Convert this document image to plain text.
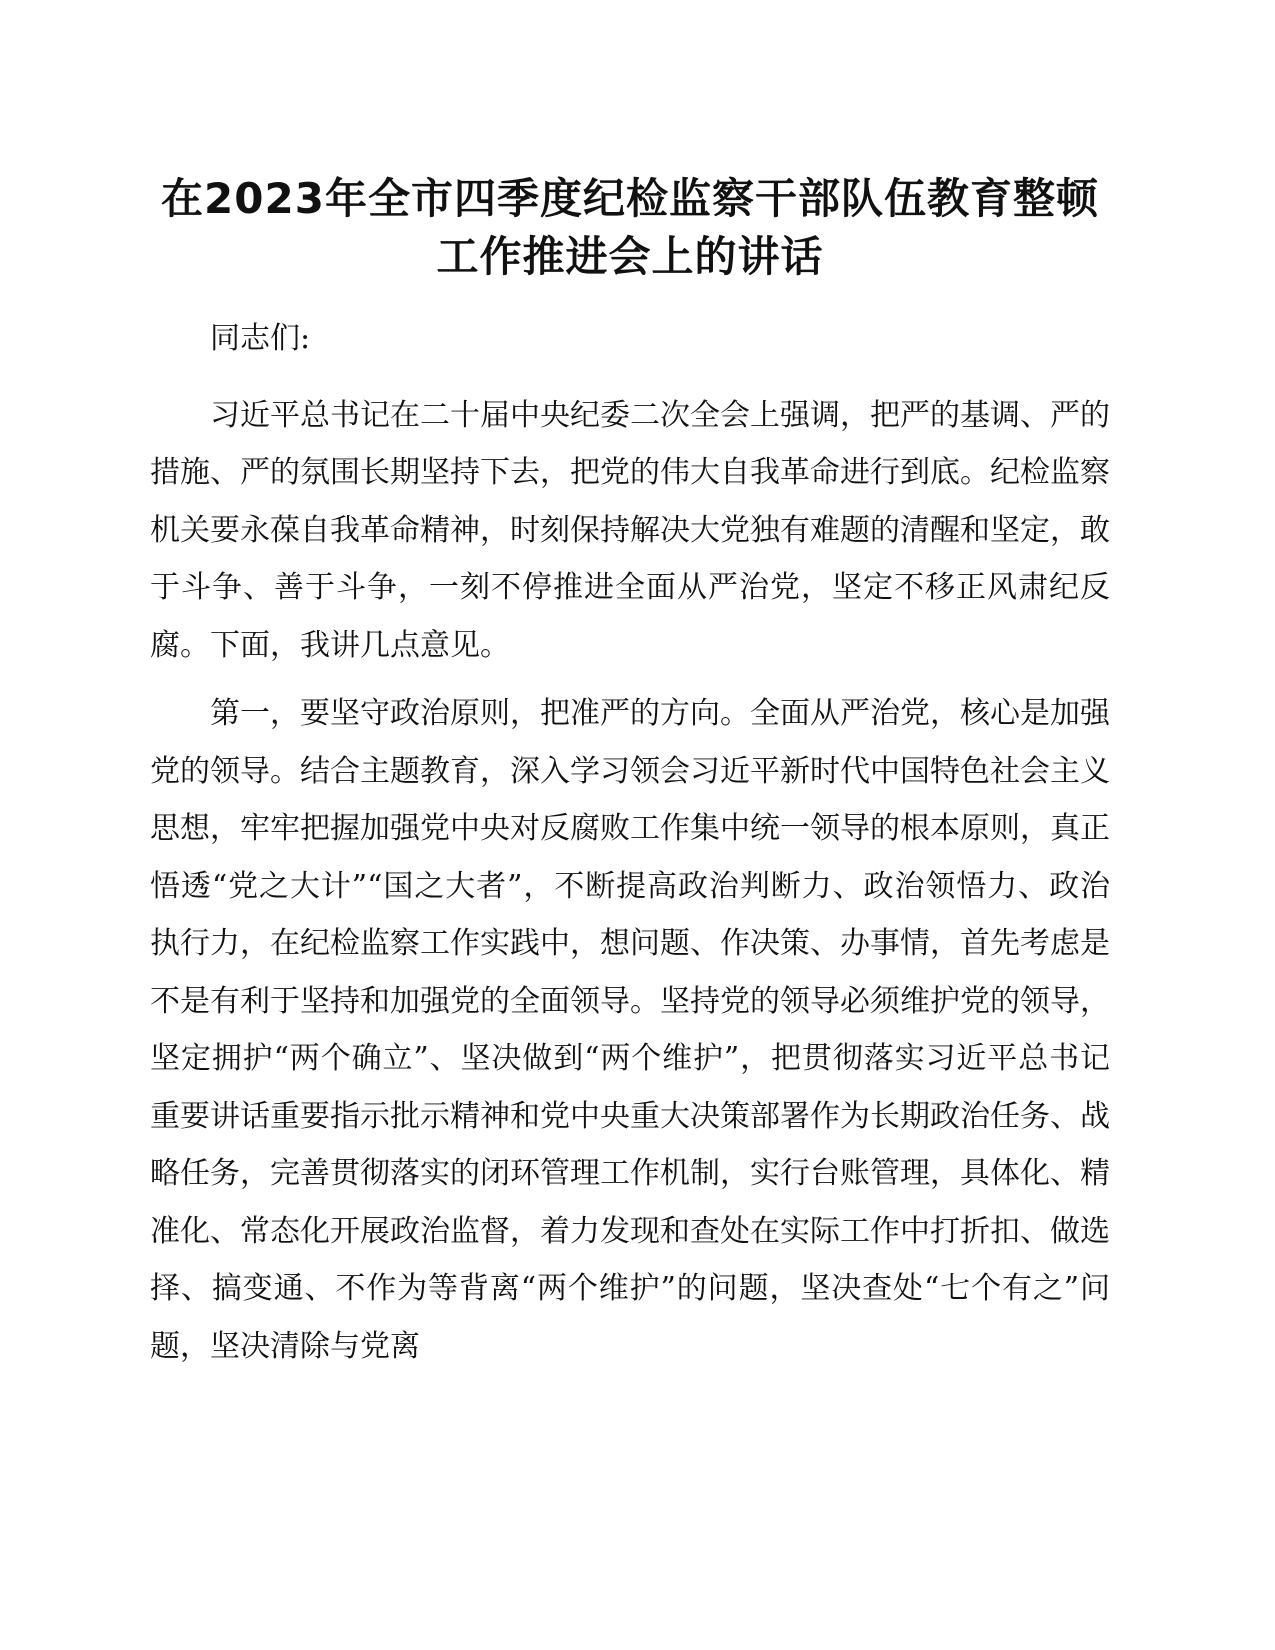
在2023年全市四季度纪检监察干部队伍教育整顿
工作推进会上的讲话

同志们:

习近平总书记在二十届中央纪委二次全会上强调，把严的基调、严的措施、严的氛围长期坚持下去，把党的伟大自我革命进行到底。纪检监察机关要永葆自我革命精神，时刻保持解决大党独有难题的清醒和坚定，敢于斗争、善于斗争，一刻不停推进全面从严治党，坚定不移正风肃纪反腐。下面，我讲几点意见。

第一，要坚守政治原则，把准严的方向。全面从严治党，核心是加强党的领导。结合主题教育，深入学习领会习近平新时代中国特色社会主义思想，牢牢把握加强党中央对反腐败工作集中统一领导的根本原则，真正悟透“党之大计”“国之大者”，不断提高政治判断力、政治领悟力、政治执行力，在纪检监察工作实践中，想问题、作决策、办事情，首先考虑是不是有利于坚持和加强党的全面领导。坚持党的领导必须维护党的领导，坚定拥护“两个确立”、坚决做到“两个维护”，把贯彻落实习近平总书记重要讲话重要指示批示精神和党中央重大决策部署作为长期政治任务、战略任务，完善贯彻落实的闭环管理工作机制，实行台账管理，具体化、精准化、常态化开展政治监督，着力发现和查处在实际工作中打折扣、做选择、搞变通、不作为等背离“两个维护”的问题，坚决查处“七个有之”问题，坚决清除与党离
